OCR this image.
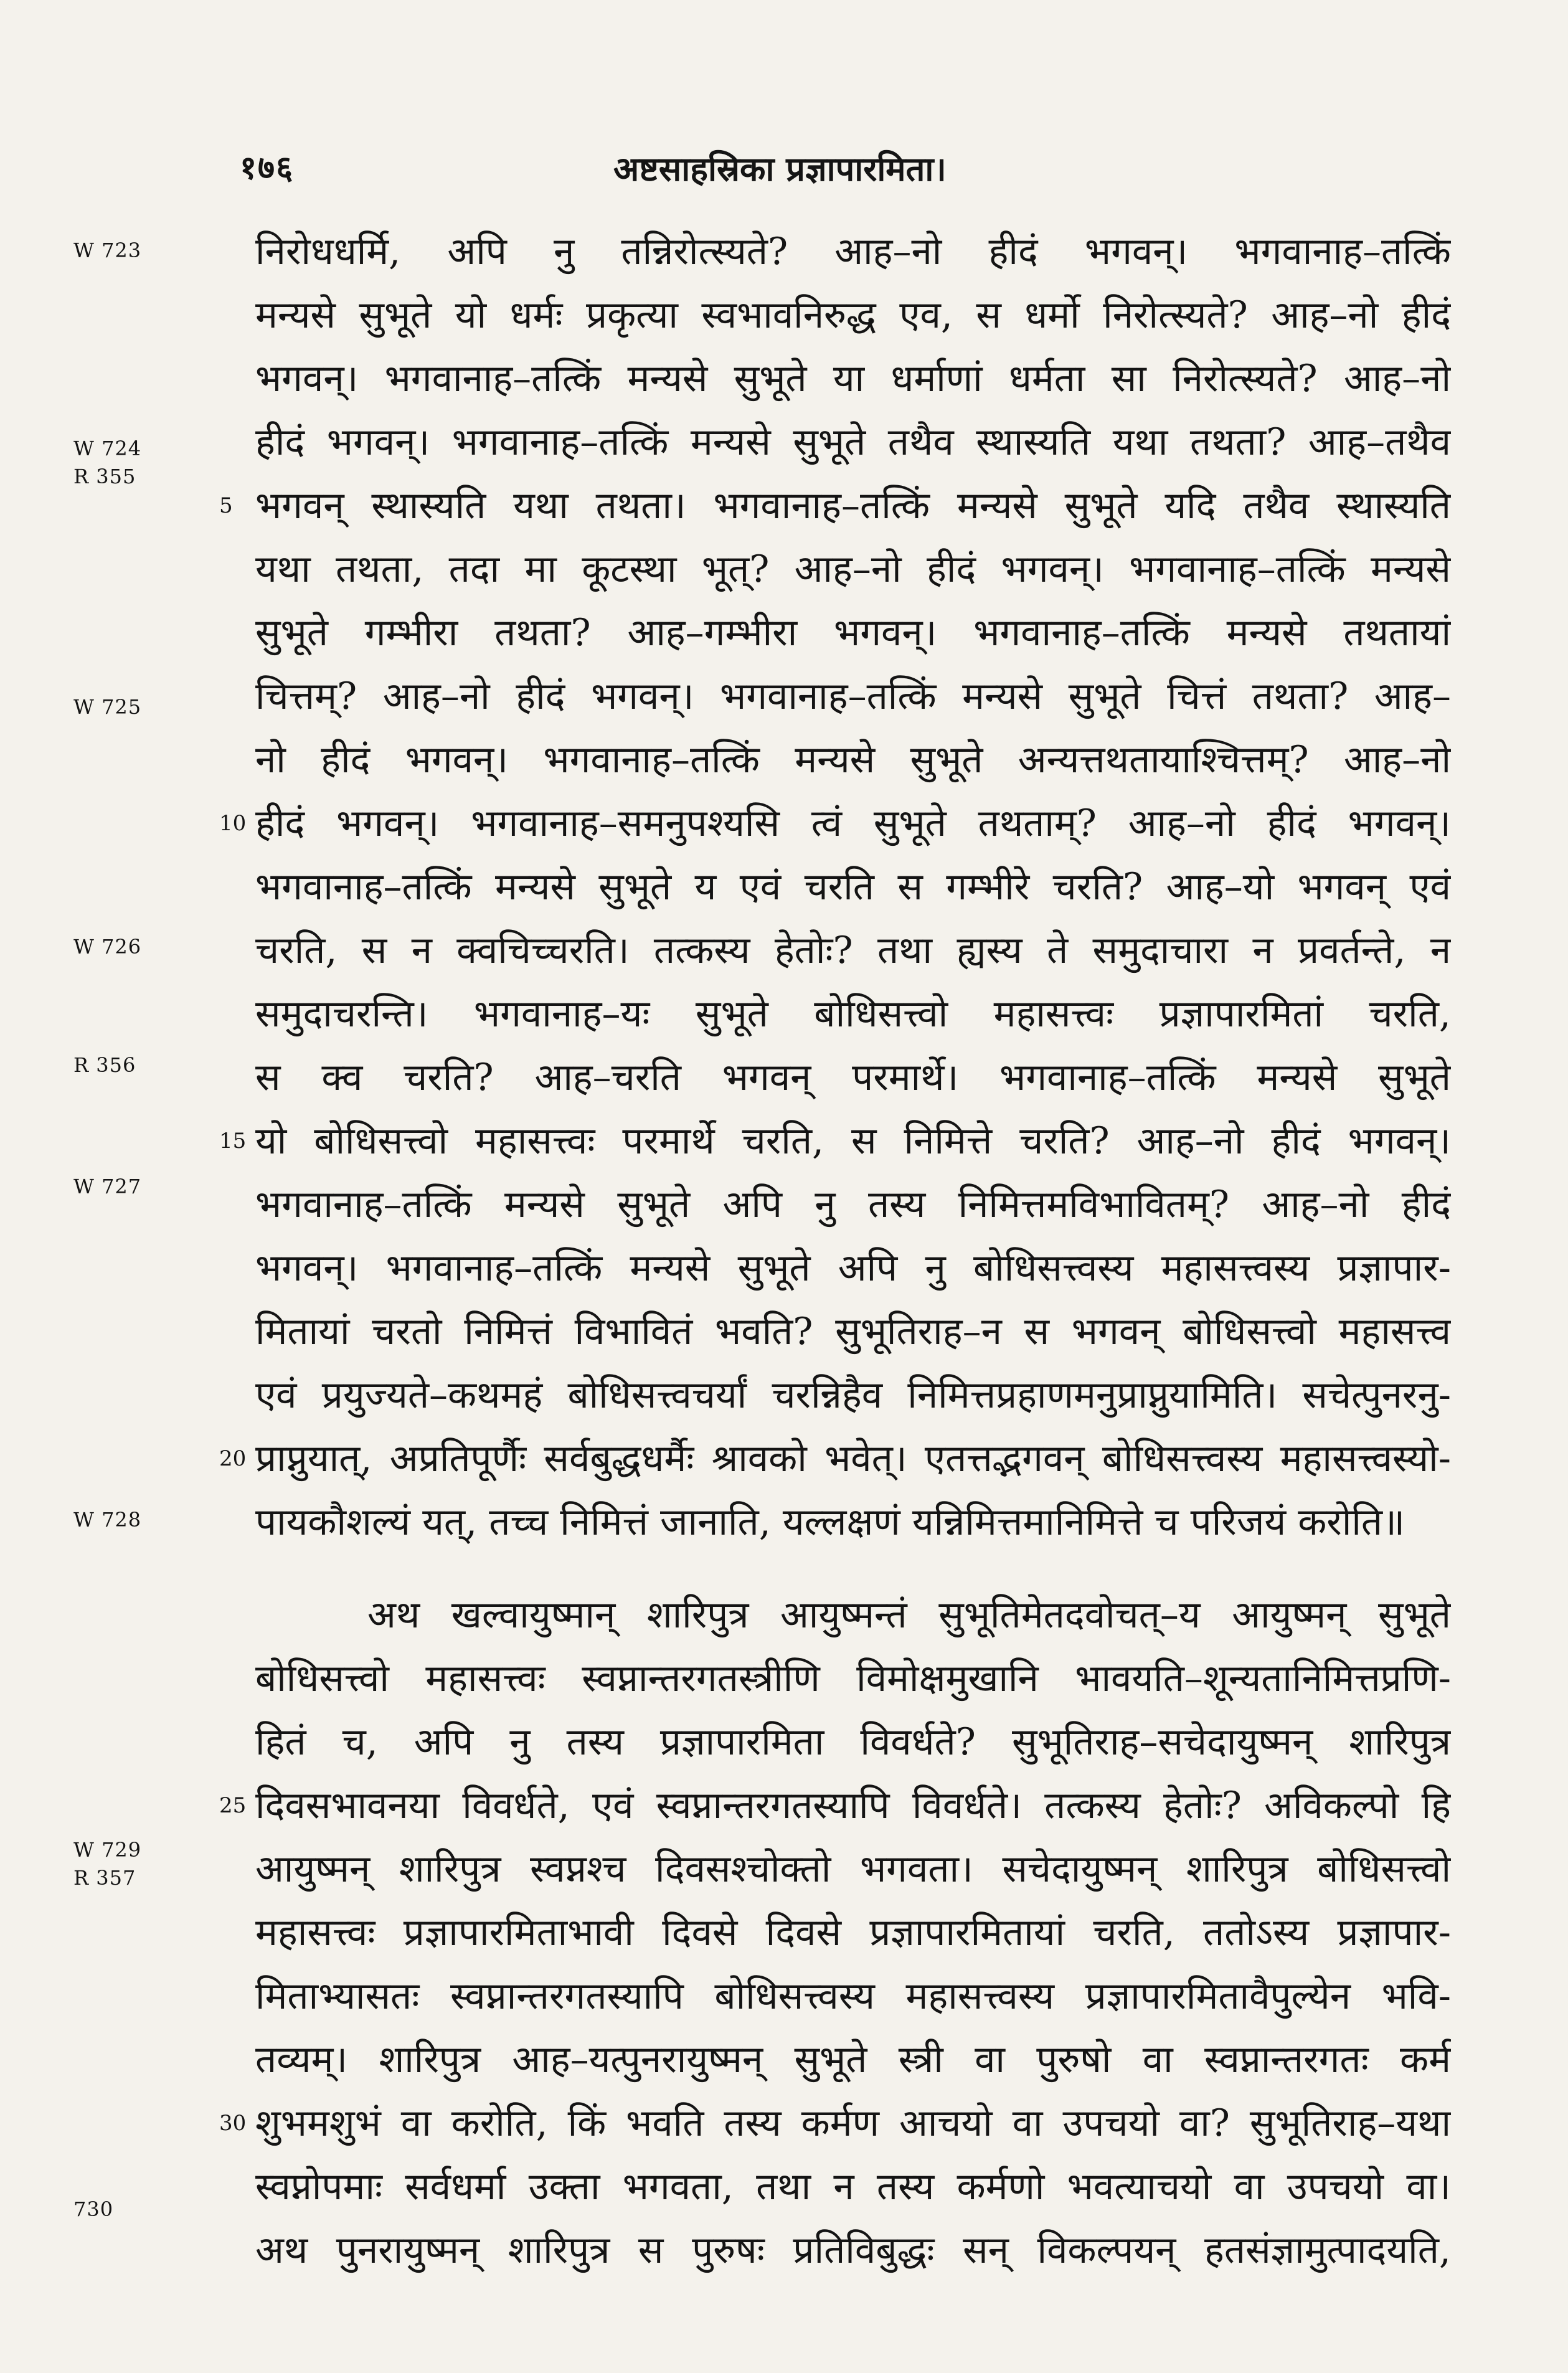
१७६	अष्टसाहस्रिका प्रज्ञापारमिता।
W 723
W 724
R 355
W 725
W 726
R 356
W 727
W 728
W 729
R 357
730
5
10
15
20
25
30
निरोधधर्मि, अपि नु तन्निरोत्स्यते? आह–नो हीदं भगवन्। भगवानाह–तत्किं
मन्यसे सुभूते यो धर्मः प्रकृत्या स्वभावनिरुद्ध एव, स धर्मो निरोत्स्यते? आह–नो हीदं
भगवन्। भगवानाह–तत्किं मन्यसे सुभूते या धर्माणां धर्मता सा निरोत्स्यते? आह–नो
हीदं भगवन्। भगवानाह–तत्किं मन्यसे सुभूते तथैव स्थास्यति यथा तथता? आह–तथैव
भगवन् स्थास्यति यथा तथता। भगवानाह–तत्किं मन्यसे सुभूते यदि तथैव स्थास्यति
यथा तथता, तदा मा कूटस्था भूत्? आह–नो हीदं भगवन्। भगवानाह–तत्किं मन्यसे
सुभूते गम्भीरा तथता? आह–गम्भीरा भगवन्। भगवानाह–तत्किं मन्यसे तथतायां
चित्तम्? आह–नो हीदं भगवन्। भगवानाह–तत्किं मन्यसे सुभूते चित्तं तथता? आह–
नो हीदं भगवन्। भगवानाह–तत्किं मन्यसे सुभूते अन्यत्तथतायाश्चित्तम्? आह–नो
हीदं भगवन्। भगवानाह–समनुपश्यसि त्वं सुभूते तथताम्? आह–नो हीदं भगवन्।
भगवानाह–तत्किं मन्यसे सुभूते य एवं चरति स गम्भीरे चरति? आह–यो भगवन् एवं
चरति, स न क्वचिच्चरति। तत्कस्य हेतोः? तथा ह्यस्य ते समुदाचारा न प्रवर्तन्ते, न
समुदाचरन्ति। भगवानाह–यः सुभूते बोधिसत्त्वो महासत्त्वः प्रज्ञापारमितां चरति,
स क्व चरति? आह–चरति भगवन् परमार्थे। भगवानाह–तत्किं मन्यसे सुभूते
यो बोधिसत्त्वो महासत्त्वः परमार्थे चरति, स निमित्ते चरति? आह–नो हीदं भगवन्।
भगवानाह–तत्किं मन्यसे सुभूते अपि नु तस्य निमित्तमविभावितम्? आह–नो हीदं
भगवन्। भगवानाह–तत्किं मन्यसे सुभूते अपि नु बोधिसत्त्वस्य महासत्त्वस्य प्रज्ञापार-
मितायां चरतो निमित्तं विभावितं भवति? सुभूतिराह–न स भगवन् बोधिसत्त्वो महासत्त्व
एवं प्रयुज्यते–कथमहं बोधिसत्त्वचर्यां चरन्निहैव निमित्तप्रहाणमनुप्राप्नुयामिति। सचेत्पुनरनु-
प्राप्नुयात्, अप्रतिपूर्णैः सर्वबुद्धधर्मैः श्रावको भवेत्। एतत्तद्भगवन् बोधिसत्त्वस्य महासत्त्वस्यो-
पायकौशल्यं यत्, तच्च निमित्तं जानाति, यल्लक्षणं यन्निमित्तमानिमित्ते च परिजयं करोति॥
अथ खल्वायुष्मान् शारिपुत्र आयुष्मन्तं सुभूतिमेतदवोचत्–य आयुष्मन् सुभूते
बोधिसत्त्वो महासत्त्वः स्वप्नान्तरगतस्त्रीणि विमोक्षमुखानि भावयति–शून्यतानिमित्तप्रणि-
हितं च, अपि नु तस्य प्रज्ञापारमिता विवर्धते? सुभूतिराह–सचेदायुष्मन् शारिपुत्र
दिवसभावनया विवर्धते, एवं स्वप्नान्तरगतस्यापि विवर्धते। तत्कस्य हेतोः? अविकल्पो हि
आयुष्मन् शारिपुत्र स्वप्नश्च दिवसश्चोक्तो भगवता। सचेदायुष्मन् शारिपुत्र बोधिसत्त्वो
महासत्त्वः प्रज्ञापारमिताभावी दिवसे दिवसे प्रज्ञापारमितायां चरति, ततोऽस्य प्रज्ञापार-
मिताभ्यासतः स्वप्नान्तरगतस्यापि बोधिसत्त्वस्य महासत्त्वस्य प्रज्ञापारमितावैपुल्येन भवि-
तव्यम्। शारिपुत्र आह–यत्पुनरायुष्मन् सुभूते स्त्री वा पुरुषो वा स्वप्नान्तरगतः कर्म
शुभमशुभं वा करोति, किं भवति तस्य कर्मण आचयो वा उपचयो वा? सुभूतिराह–यथा
स्वप्नोपमाः सर्वधर्मा उक्ता भगवता, तथा न तस्य कर्मणो भवत्याचयो वा उपचयो वा।
अथ पुनरायुष्मन् शारिपुत्र स पुरुषः प्रतिविबुद्धः सन् विकल्पयन् हतसंज्ञामुत्पादयति,
